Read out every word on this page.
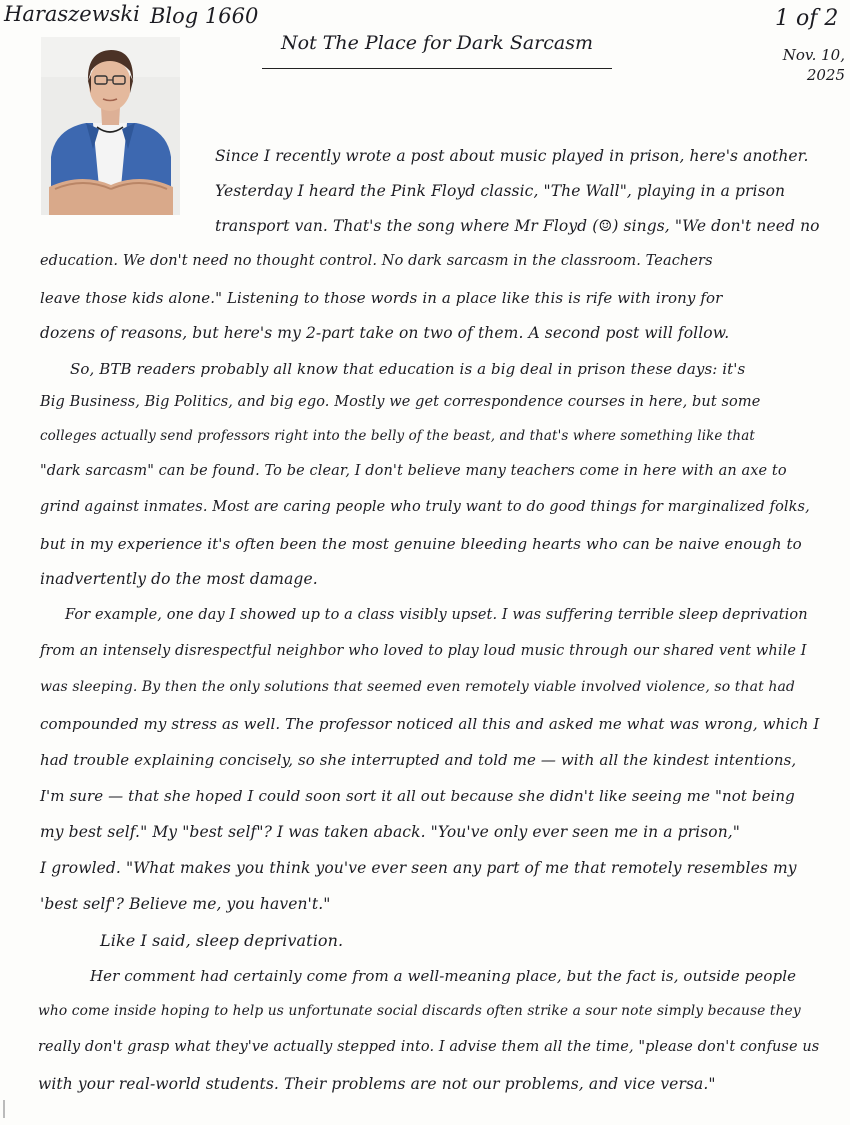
Haraszewski Blog 1660	1 of 2
Not The Place for Dark Sarcasm
Nov. 10,
2025
Since I recently wrote a post about music played in prison, here's another.
Yesterday I heard the Pink Floyd classic, "The Wall", playing in a prison
transport van. That's the song where Mr Floyd (☺) sings, "We don't need no
education. We don't need no thought control. No dark sarcasm in the classroom. Teachers
leave those kids alone." Listening to those words in a place like this is rife with irony for
dozens of reasons, but here's my 2-part take on two of them. A second post will follow.
So, BTB readers probably all know that education is a big deal in prison these days: it's
Big Business, Big Politics, and big ego. Mostly we get correspondence courses in here, but some
colleges actually send professors right into the belly of the beast, and that's where something like that
"dark sarcasm" can be found. To be clear, I don't believe many teachers come in here with an axe to
grind against inmates. Most are caring people who truly want to do good things for marginalized folks,
but in my experience it's often been the most genuine bleeding hearts who can be naive enough to
inadvertently do the most damage.
For example, one day I showed up to a class visibly upset. I was suffering terrible sleep deprivation
from an intensely disrespectful neighbor who loved to play loud music through our shared vent while I
was sleeping. By then the only solutions that seemed even remotely viable involved violence, so that had
compounded my stress as well. The professor noticed all this and asked me what was wrong, which I
had trouble explaining concisely, so she interrupted and told me — with all the kindest intentions,
I'm sure — that she hoped I could soon sort it all out because she didn't like seeing me "not being
my best self." My "best self"? I was taken aback. "You've only ever seen me in a prison,"
I growled. "What makes you think you've ever seen any part of me that remotely resembles my
'best self'? Believe me, you haven't."
Like I said, sleep deprivation.
Her comment had certainly come from a well-meaning place, but the fact is, outside people
who come inside hoping to help us unfortunate social discards often strike a sour note simply because they
really don't grasp what they've actually stepped into. I advise them all the time, "please don't confuse us
with your real-world students. Their problems are not our problems, and vice versa."
